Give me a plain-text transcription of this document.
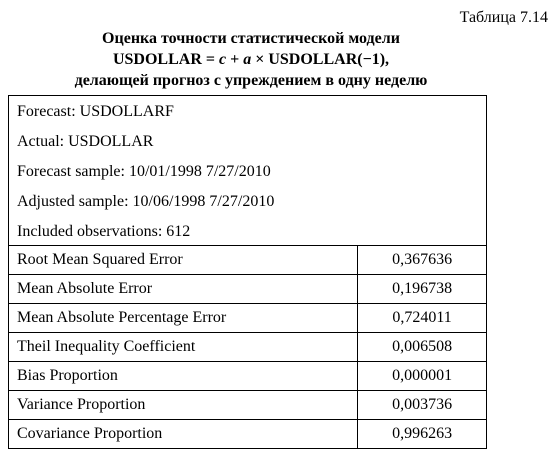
Таблица 7.14
Оценка точности статистической модели
USDOLLAR = c + a × USDOLLAR(−1),
делающей прогноз с упреждением в одну неделю
Forecast: USDOLLARF
Actual: USDOLLAR
Forecast sample: 10/01/1998 7/27/2010
Adjusted sample: 10/06/1998 7/27/2010
Included observations: 612
Root Mean Squared Error	0,367636
Mean Absolute Error	0,196738
Mean Absolute Percentage Error	0,724011
Theil Inequality Coefficient	0,006508
Bias Proportion	0,000001
Variance Proportion	0,003736
Covariance Proportion	0,996263
